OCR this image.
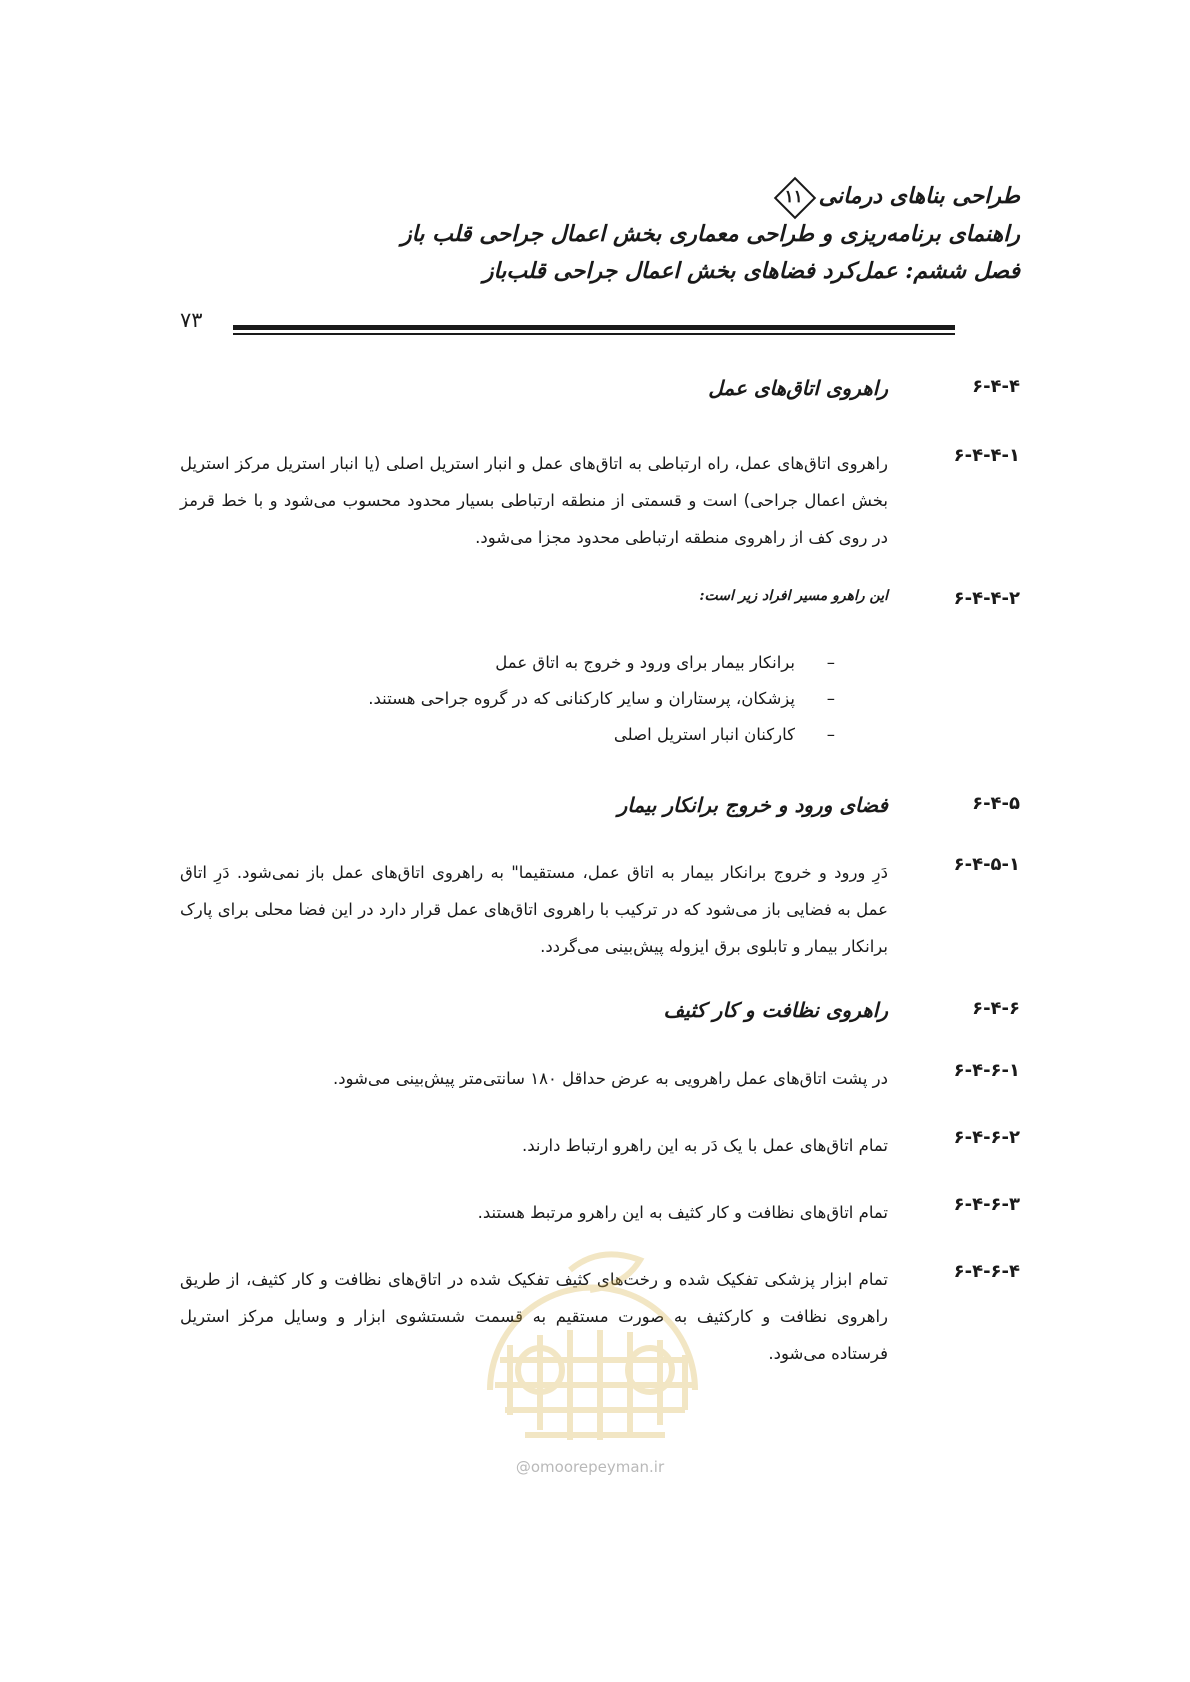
طراحی بناهای درمانی
۱۱
راهنمای برنامه‌ریزی و طراحی معماری بخش اعمال جراحی قلب باز
فصل ششم: عمل‌کرد فضاهای بخش اعمال جراحی قلب‌باز
۷۳
۶-۴-۴
راهروی اتاق‌های عمل
۶-۴-۴-۱
راهروی اتاق‌های عمل، راه ارتباطی به اتاق‌های عمل و انبار استریل اصلی (یا انبار استریل مرکز استریل بخش اعمال جراحی) است و قسمتی از منطقه ارتباطی بسیار محدود محسوب می‌شود و با خط قرمز در روی کف از راهروی منطقه ارتباطی محدود مجزا می‌شود.
۶-۴-۴-۲
این راهرو مسیر افراد زیر است:
–برانکار بیمار برای ورود و خروج به اتاق عمل
–پزشکان، پرستاران و سایر کارکنانی که در گروه جراحی هستند.
–کارکنان انبار استریل اصلی
۶-۴-۵
فضای ورود و خروج برانکار بیمار
۶-۴-۵-۱
دَرِ ورود و خروج برانکار بیمار به اتاق عمل، مستقیما" به راهروی اتاق‌های عمل باز نمی‌شود. دَرِ اتاق عمل به فضایی باز می‌شود که در ترکیب با راهروی اتاق‌های عمل قرار دارد در این فضا محلی برای پارک برانکار بیمار و تابلوی برق ایزوله پیش‌بینی می‌گردد.
۶-۴-۶
راهروی نظافت و کار کثیف
۶-۴-۶-۱
در پشت اتاق‌های عمل راهرویی به عرض حداقل ۱۸۰ سانتی‌متر پیش‌بینی می‌شود.
۶-۴-۶-۲
تمام اتاق‌های عمل با یک دَر به این راهرو ارتباط دارند.
۶-۴-۶-۳
تمام اتاق‌های نظافت و کار کثیف به این راهرو مرتبط هستند.
۶-۴-۶-۴
تمام ابزار پزشکی تفکیک شده و رخت‌های کثیف تفکیک شده در اتاق‌های نظافت و کار کثیف، از طریق راهروی نظافت و کارکثیف به صورت مستقیم به قسمت شستشوی ابزار و وسایل مرکز استریل فرستاده می‌شود.
@omoorepeyman.ir
